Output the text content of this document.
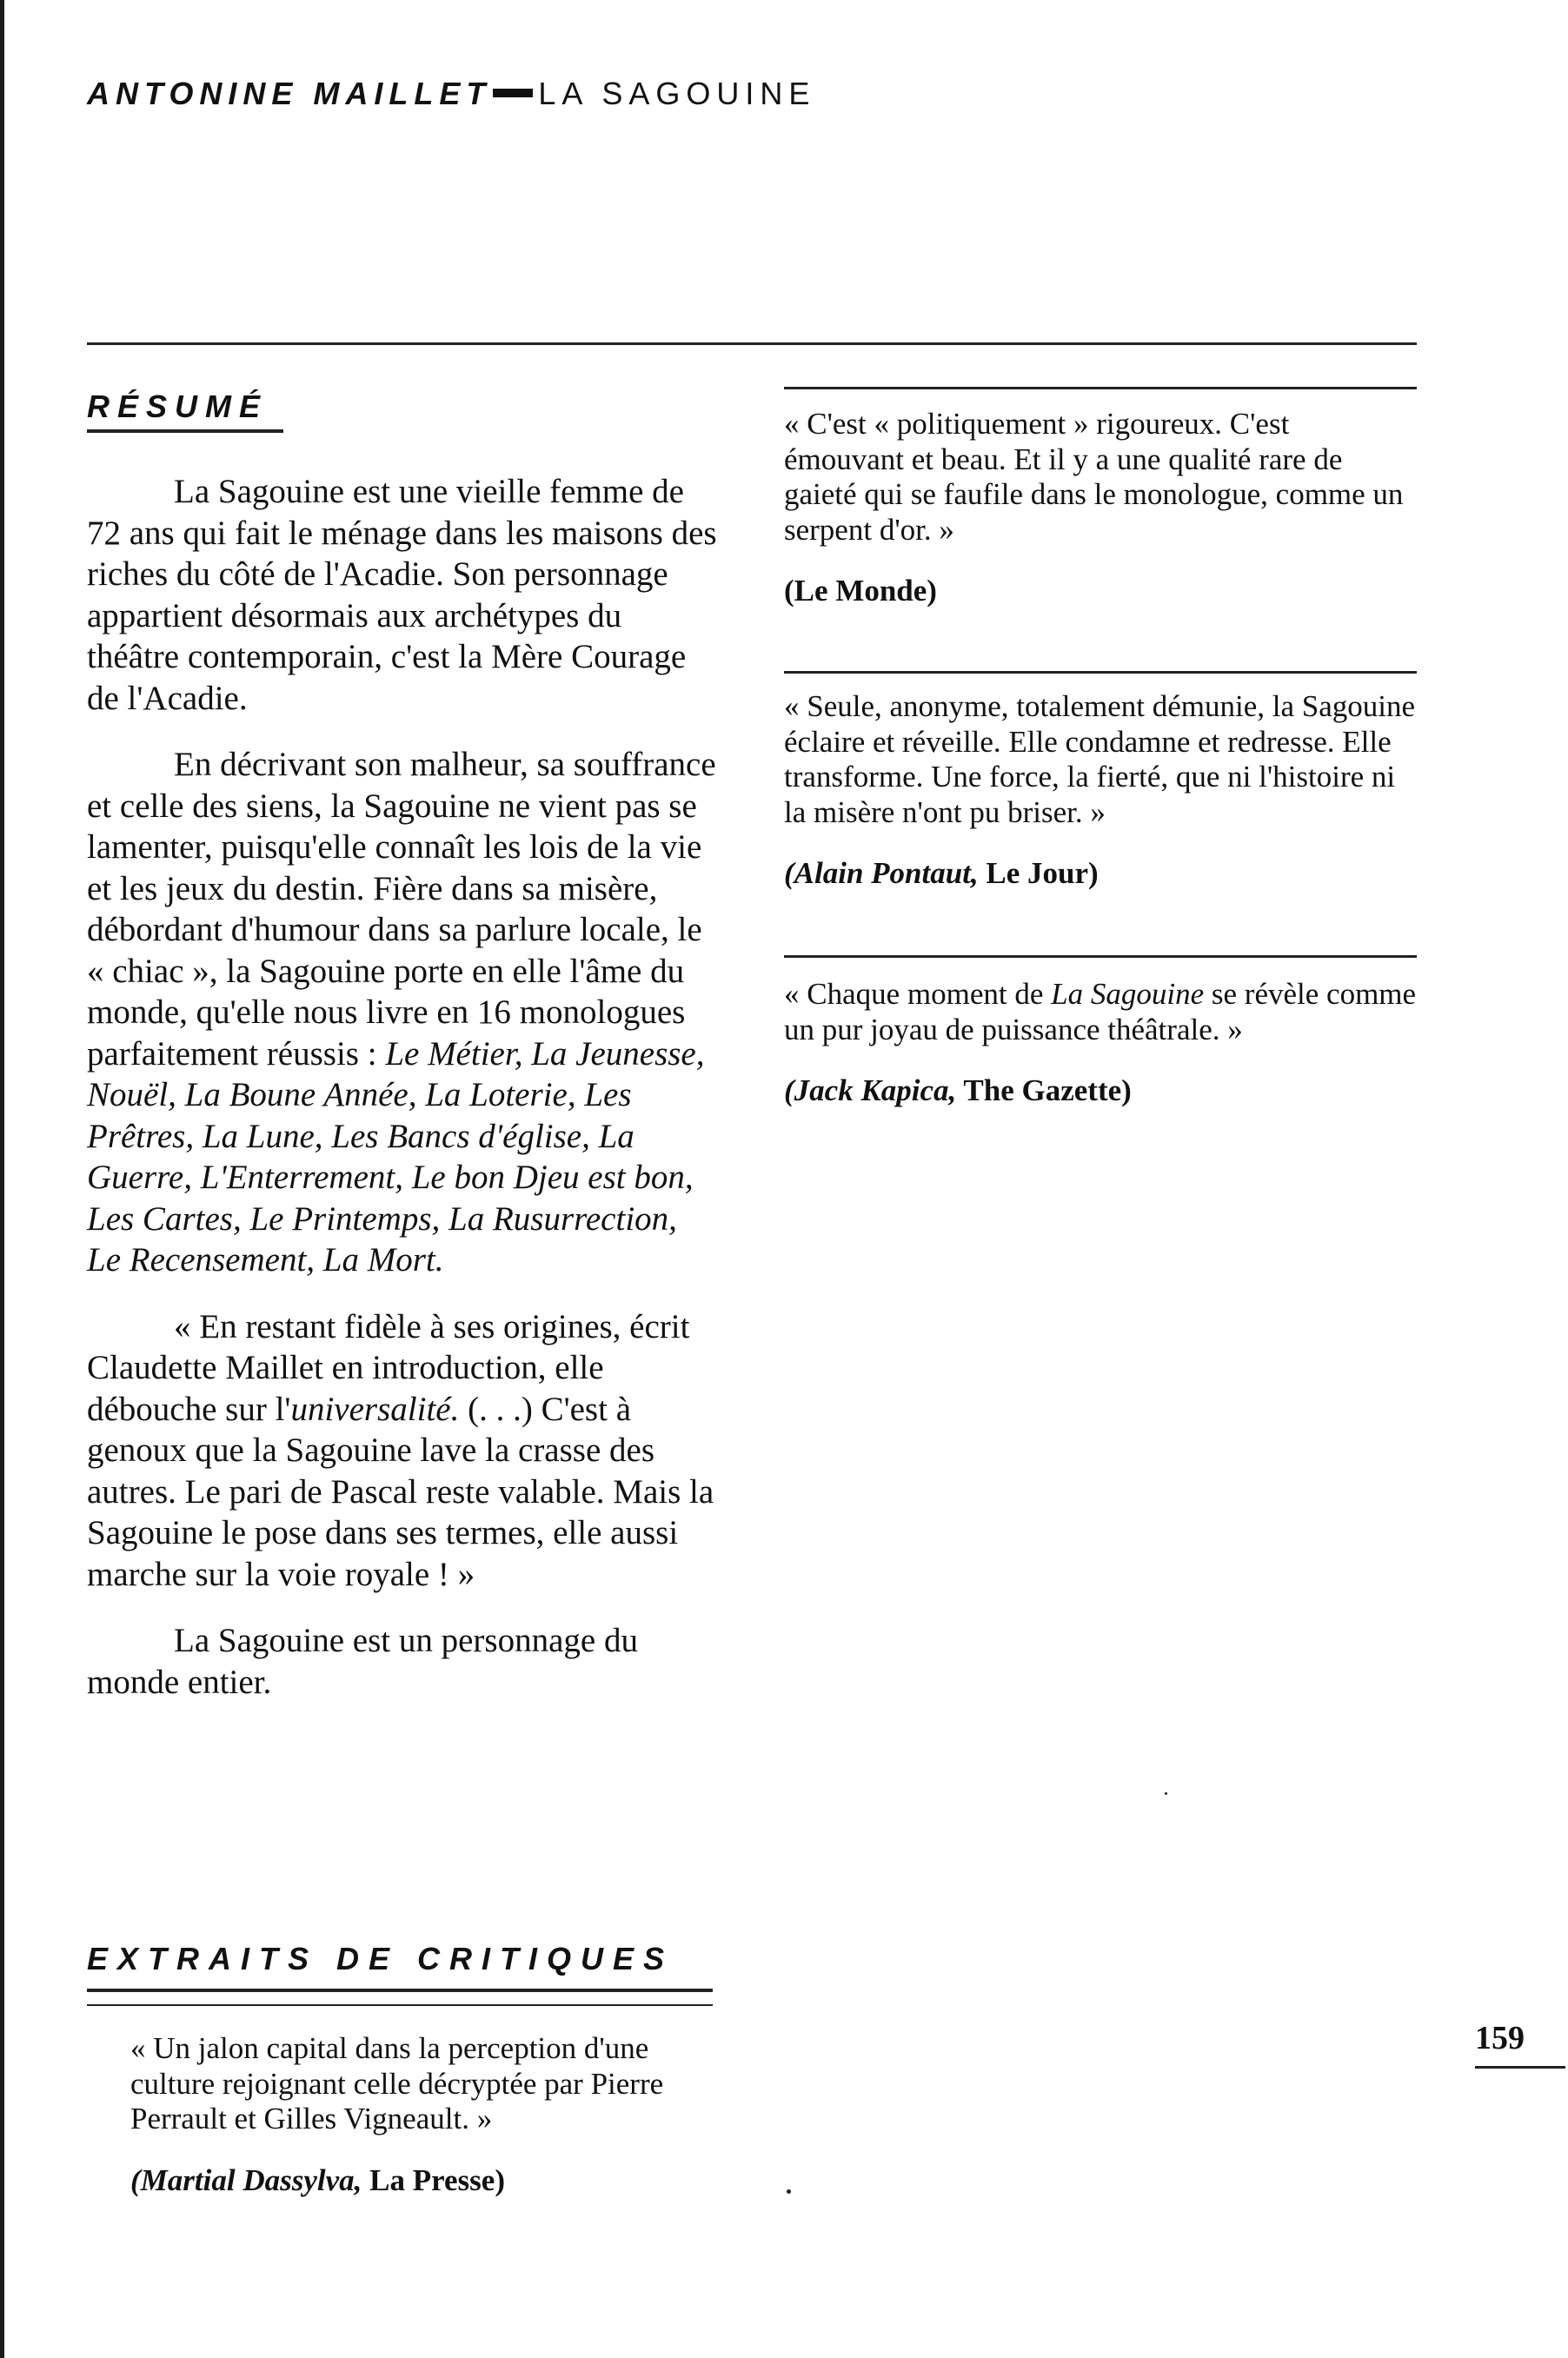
ANTONINE MAILLET LA SAGOUINE
RÉSUMÉ

La Sagouine est une vieille femme de 72 ans qui fait le ménage dans les maisons des riches du côté de l'Acadie. Son personnage appartient désormais aux archétypes du théâtre contemporain, c'est la Mère Courage de l'Acadie.

En décrivant son malheur, sa souffrance et celle des siens, la Sagouine ne vient pas se lamenter, puisqu'elle connaît les lois de la vie et les jeux du destin. Fière dans sa misère, débordant d'humour dans sa parlure locale, le « chiac », la Sagouine porte en elle l'âme du monde, qu'elle nous livre en 16 monologues parfaitement réussis : Le Métier, La Jeunesse, Nouël, La Boune Année, La Loterie, Les Prêtres, La Lune, Les Bancs d'église, La Guerre, L'Enterrement, Le bon Djeu est bon, Les Cartes, Le Printemps, La Rusurrection, Le Recensement, La Mort.

« En restant fidèle à ses origines, écrit Claudette Maillet en introduction, elle débouche sur l'universalité. (. . .) C'est à genoux que la Sagouine lave la crasse des autres. Le pari de Pascal reste valable. Mais la Sagouine le pose dans ses termes, elle aussi marche sur la voie royale ! »

La Sagouine est un personnage du monde entier.

« C'est « politiquement » rigoureux. C'est émouvant et beau. Et il y a une qualité rare de gaieté qui se faufile dans le monologue, comme un serpent d'or. »

(Le Monde)

« Seule, anonyme, totalement démunie, la Sagouine éclaire et réveille. Elle condamne et redresse. Elle transforme. Une force, la fierté, que ni l'histoire ni la misère n'ont pu briser. »

(Alain Pontaut, Le Jour)

« Chaque moment de La Sagouine se révèle comme un pur joyau de puissance théâtrale. »

(Jack Kapica, The Gazette)
EXTRAITS DE CRITIQUES

« Un jalon capital dans la perception d'une culture rejoignant celle décryptée par Pierre Perrault et Gilles Vigneault. »

(Martial Dassylva, La Presse)
159
